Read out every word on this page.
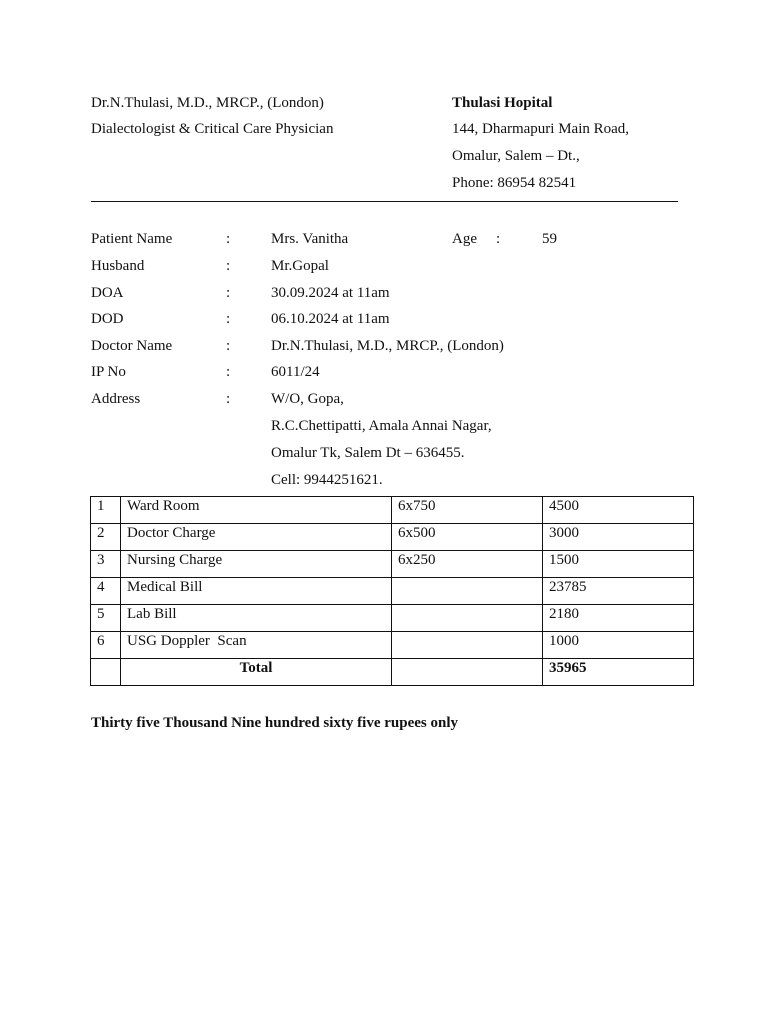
Dr.N.Thulasi, M.D., MRCP., (London)
Dialectologist & Critical Care Physician
Thulasi Hopital
144, Dharmapuri Main Road,
Omalur, Salem – Dt.,
Phone: 86954 82541
Patient Name	:	Mrs. Vanitha	Age :	59
Husband	:	Mr.Gopal
DOA	:	30.09.2024 at 11am
DOD	:	06.10.2024 at 11am
Doctor Name	:	Dr.N.Thulasi, M.D., MRCP., (London)
IP No	:	6011/24
Address	:	W/O, Gopa,
R.C.Chettipatti, Amala Annai Nagar,
Omalur Tk, Salem Dt – 636455.
Cell: 9944251621.
1	Ward Room	6x750	4500
2	Doctor Charge	6x500	3000
3	Nursing Charge	6x250	1500
4	Medical Bill		23785
5	Lab Bill		2180
6	USG Doppler  Scan		1000
	Total		35965
Thirty five Thousand Nine hundred sixty five rupees only
